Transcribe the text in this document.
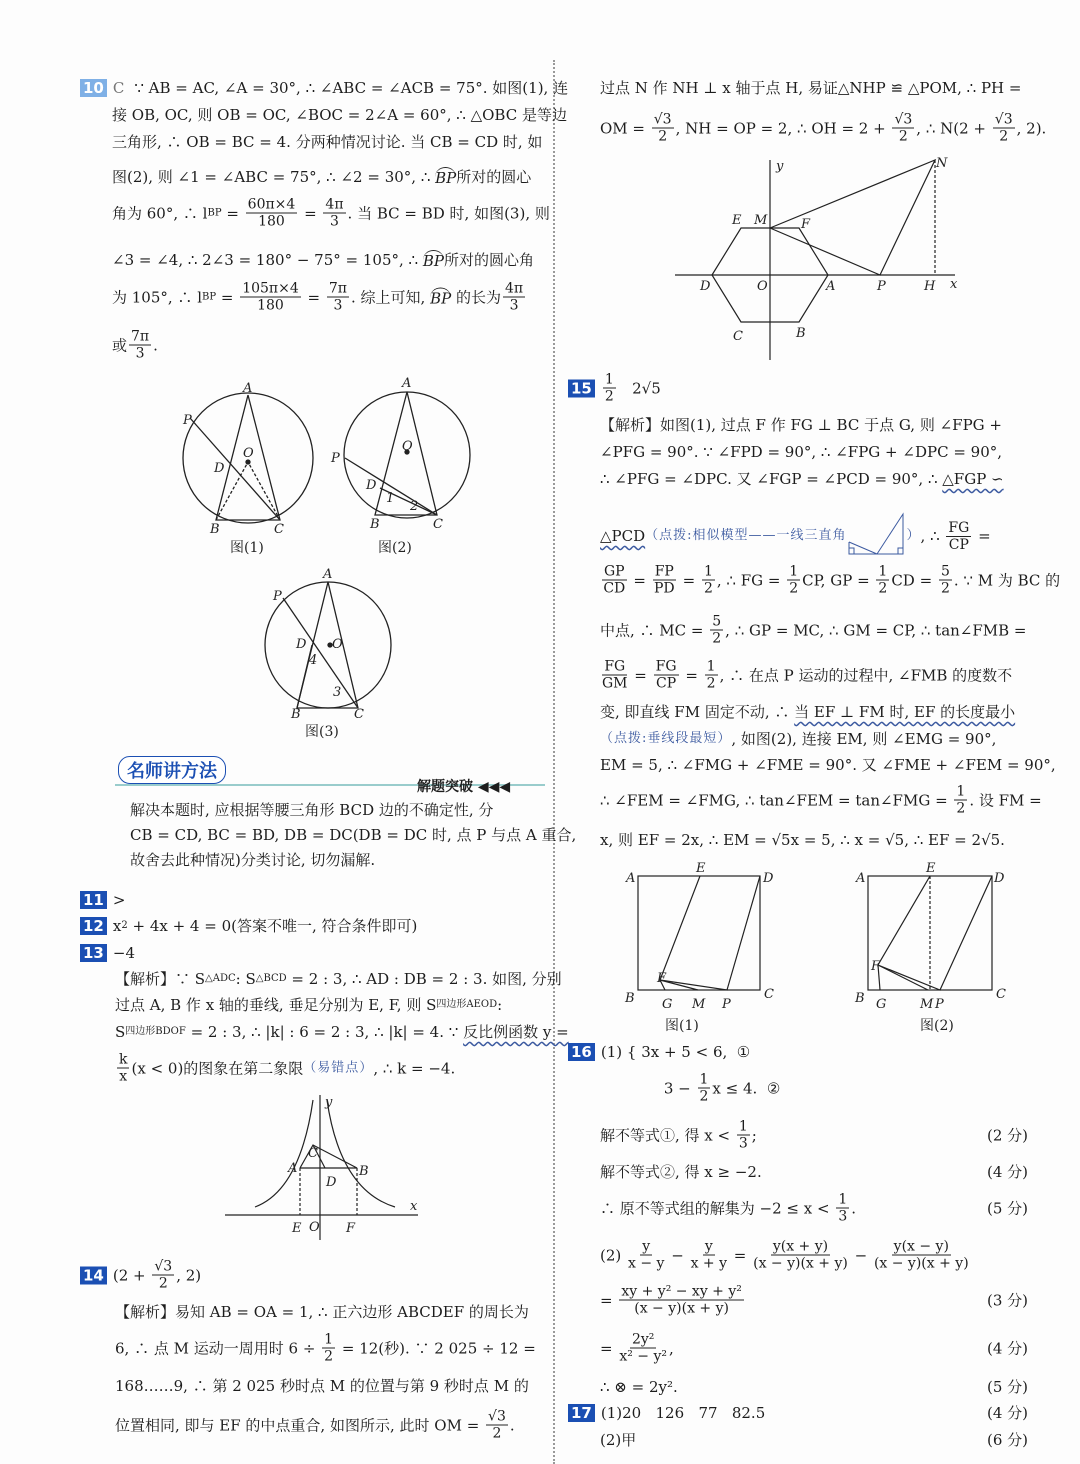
10 C ∵ AB = AC, ∠A = 30°, ∴ ∠ABC = ∠ACB = 75°. 如图(1), 连
接 OB, OC, 则 OB = OC, ∠BOC = 2∠A = 60°, ∴ △OBC 是等边
三角形, ∴ OB = BC = 4. 分两种情况讨论. 当 CB = CD 时, 如
图(2), 则 ∠1 = ∠ABC = 75°, ∴ ∠2 = 30°, ∴ BP 所对的圆心
角为 60°, ∴ l BP = $\frac{60\pi\times 4}{180} = \frac{4\pi}{3}$ . 当 BC = BD 时, 如图(3), 则
∠3 = ∠4, ∴ 2∠3 = 180° − 75° = 105°, ∴ BP 所对的圆心角
为 105°, ∴ l BP = $\frac{105\pi\times 4}{180} = \frac{7\pi}{3}$ . 综上可知, BP 的长为 $\frac{4\pi}{3}$
或 $\frac{7\pi}{3}$ .
解决本题时, 应根据等腰三角形 BCD 边的不确定性, 分
CB = CD, BC = BD, DB = DC(DB = DC 时, 点 P 与点 A 重合,
故舍去此种情况)分类讨论, 切勿漏解.
11 >
12 x 2 + 4x + 4 = 0(答案不唯一, 符合条件即可)
13 −4
【解析】∵ S △ADC : S △BCD = 2 : 3, ∴ AD : DB = 2 : 3. 如图, 分别
过点 A, B 作 x 轴的垂线, 垂足分别为 E, F, 则 S 四边形AEOD :
S 四边形BDOF = 2 : 3, ∴ |k| : 6 = 2 : 3, ∴ |k| = 4. ∵ 反比例函数 y =
$\frac{k}{x} (x < 0)$的图象在第二象限 （易错点） , ∴ k = −4.
14 ($2 + \frac{√3}{2}$ , 2)
【解析】易知 AB = OA = 1, ∴ 正六边形 ABCDEF 的周长为
6, ∴ 点 M 运动一周用时 $6 \div \frac{1}{2} = 12$(秒). ∵ 2 025 ÷ 12 =
168……9, ∴ 第 2 025 秒时点 M 的位置与第 9 秒时点 M 的
位置相同, 即与 EF 的中点重合, 如图所示, 此时 OM = $\frac{√3}{2}$ .
过点 N 作 NH ⊥ x 轴于点 H, 易证△NHP ≌ △POM, ∴ PH =
OM = $\frac{√3}{2}$ , NH = OP = 2, ∴ OH = $2 + \frac{√3}{2}$ , ∴ $N(2 + \frac{√3}{2}$ , 2).
$15 \frac{1}{2} 2√5$
【解析】如图(1), 过点 F 作 FG ⊥ BC 于点 G, 则 ∠FPG +
∠PFG = 90°. ∵ ∠FPD = 90°, ∴ ∠FPG + ∠DPC = 90°,
∴ ∠PFG = ∠DPC. 又 ∠FGP = ∠PCD = 90°, ∴ △FGP ∽
△PCD （点拨:相似模型——一线三直角	） , ∴ $\frac{FG}{CP}$ =
$\frac{GP}{CD} = \frac{FP}{PD} = \frac{1}{2}$ , ∴ FG = $\frac{1}{2}$ CP, GP = $\frac{1}{2}$ CD = $\frac{5}{2}$ . ∵ M 为 BC 的
中点, ∴ MC = $\frac{5}{2}$ , ∴ GP = MC, ∴ GM = CP, ∴ tan∠FMB =
$\frac{FG}{GM} = \frac{FG}{CP} = \frac{1}{2}$ , ∴ 在点 P 运动的过程中, ∠FMB 的度数不
变, 即直线 FM 固定不动, ∴ 当 EF ⊥ FM 时, EF 的长度最小
（点拨:垂线段最短） , 如图(2), 连接 EM, 则 ∠EMG = 90°,
EM = 5, ∴ ∠FMG + ∠FME = 90°. 又 ∠FME + ∠FEM = 90°,
∴ ∠FEM = ∠FMG, ∴ tan∠FEM = tan∠FMG = $\frac{1}{2}$ . 设 FM =
x, 则 EF = 2x, ∴ EM = √5x = 5, ∴ x = √5, ∴ EF = 2√5.
16 (1) { 3x + 5 < 6,  ①
$3 - \frac{1}{2}$ x ≤ 4.  ②
解不等式①, 得 $x < \frac{1}{3}$ ;	(2 分)
解不等式②, 得 x ≥ −2.	(4 分)
∴ 原不等式组的解集为 $-2 \le x < \frac{1}{3}$ .	(5 分)
$(2) \frac{y}{x - y} - \frac{y}{x + y} = \frac{y(x + y)}{(x - y)(x + y)} - \frac{y(x - y)}{(x - y)(x + y)}$
= $\frac{\text{xy + y² − xy + y²}}{(x - y)(x + y)}$	(3 分)
= $\frac{\text{2y²}}{\text{x² − y²}}$ ,	(4 分)
∴ ⊗ = 2y².	(5 分)
17 (1)20   126   77   82.5	(4 分)
(2)甲	(6 分)
名师讲方法
解题突破 ◀◀◀
A
B	C
P
D
O
A
B	C
P
D
O
1
2
A
B	C
P
D O
3
4
图(1)	图(2)
图(3)
y
x
A	B
C
D
E O F
y
x
E M	F
D	O	A	P	H
C	B
N
A	D
E
B	C
F
G M P
A	D
E
B	C
F
G	M P
图(1)	图(2)
